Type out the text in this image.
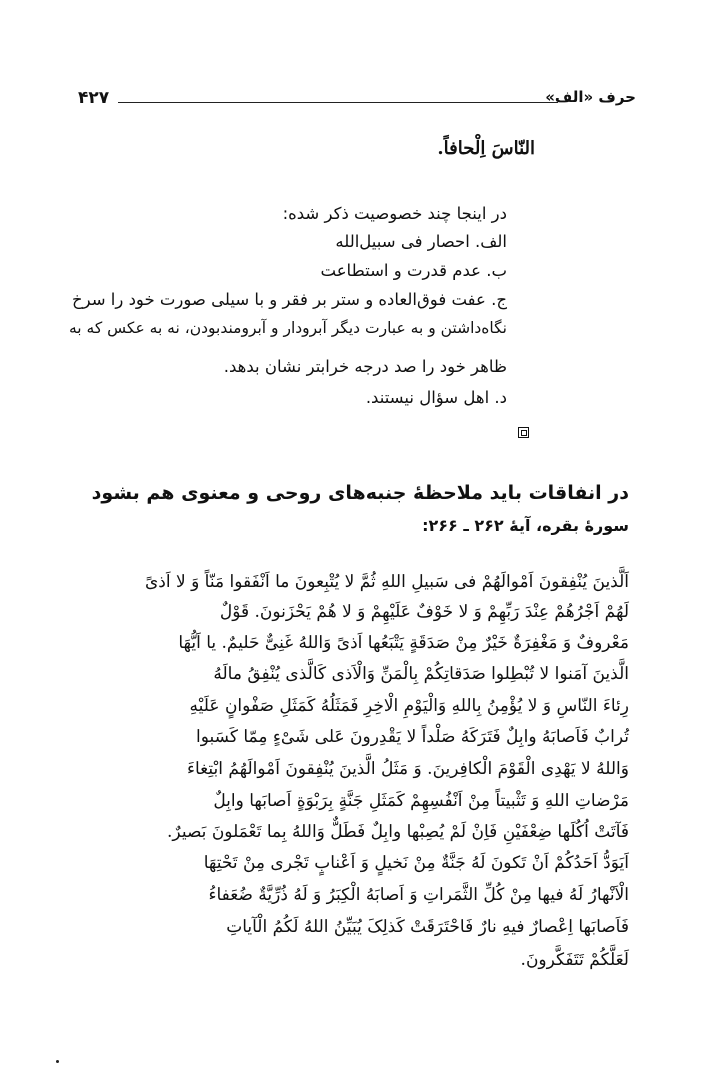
۴۲۷	حرف «الف»
النّاسَ اِلْحافاً.
در اینجا چند خصوصیت ذکر شده:
الف. احصار فی سبیل‌الله
ب. عدم قدرت و استطاعت
ج. عفت فوق‌العاده و ستر بر فقر و با سیلی صورت خود را سرخ
نگاه‌داشتن و به عبارت دیگر آبرودار و آبرومندبودن، نه به عکس که به
ظاهر خود را صد درجه خرابتر نشان بدهد.
د. اهل سؤال نیستند.
در انفاقات باید ملاحظهٔ جنبه‌های روحی و معنوی هم بشود
سورهٔ بقره، آیهٔ ۲۶۲ ـ ۲۶۶:
اَلَّذینَ یُنْفِقونَ اَمْوالَهُمْ فی سَبیلِ اللهِ ثُمَّ لا یُتْبِعونَ ما اَنْفَقوا مَنّاً وَ لا اَذیً
لَهُمْ اَجْرُهُمْ عِنْدَ رَبِّهِمْ وَ لا خَوْفٌ عَلَیْهِمْ وَ لا هُمْ یَحْزَنونَ. قَوْلٌ
مَعْروفٌ وَ مَغْفِرَةٌ خَیْرٌ مِنْ صَدَقَةٍ یَتْبَعُها اَذیً وَاللهُ غَنِیٌّ حَلیمٌ. یا اَیُّهَا
الَّذینَ آمَنوا لا تُبْطِلوا صَدَقاتِکُمْ بِالْمَنِّ وَالْاَذی کَالَّذی یُنْفِقُ مالَهُ
رِئاءَ النّاسِ وَ لا یُؤْمِنُ بِاللهِ وَالْیَوْمِ الْاخِرِ فَمَثَلُهُ کَمَثَلِ صَفْوانٍ عَلَیْهِ
تُرابٌ فَاَصابَهُ وابِلٌ فَتَرَکَهُ صَلْداً لا یَقْدِرونَ عَلی شَیْءٍ مِمّا کَسَبوا
وَاللهُ لا یَهْدِی الْقَوْمَ الْکافِرینَ. وَ مَثَلُ الَّذینَ یُنْفِقونَ اَمْوالَهُمُ ابْتِغاءَ
مَرْضاتِ اللهِ وَ تَثْبیتاً مِنْ اَنْفُسِهِمْ کَمَثَلِ جَنَّةٍ بِرَبْوَةٍ اَصابَها وابِلٌ
فَآتَتْ اُکُلَها ضِعْفَیْنِ فَاِنْ لَمْ یُصِبْها وابِلٌ فَطَلٌّ وَاللهُ بِما تَعْمَلونَ بَصیرٌ.
اَیَوَدُّ اَحَدُکُمْ اَنْ تَکونَ لَهُ جَنَّةٌ مِنْ نَخیلٍ وَ اَعْنابٍ تَجْری مِنْ تَحْتِهَا
الْاَنْهارُ لَهُ فیها مِنْ کُلِّ الثَّمَراتِ وَ اَصابَهُ الْکِبَرُ وَ لَهُ ذُرِّیَّةٌ ضُعَفاءُ
فَاَصابَها اِعْصارٌ فیهِ نارٌ فَاحْتَرَقَتْ کَذلِکَ یُبَیِّنُ اللهُ لَکُمُ الْآیاتِ
لَعَلَّکُمْ تَتَفَکَّرونَ.
